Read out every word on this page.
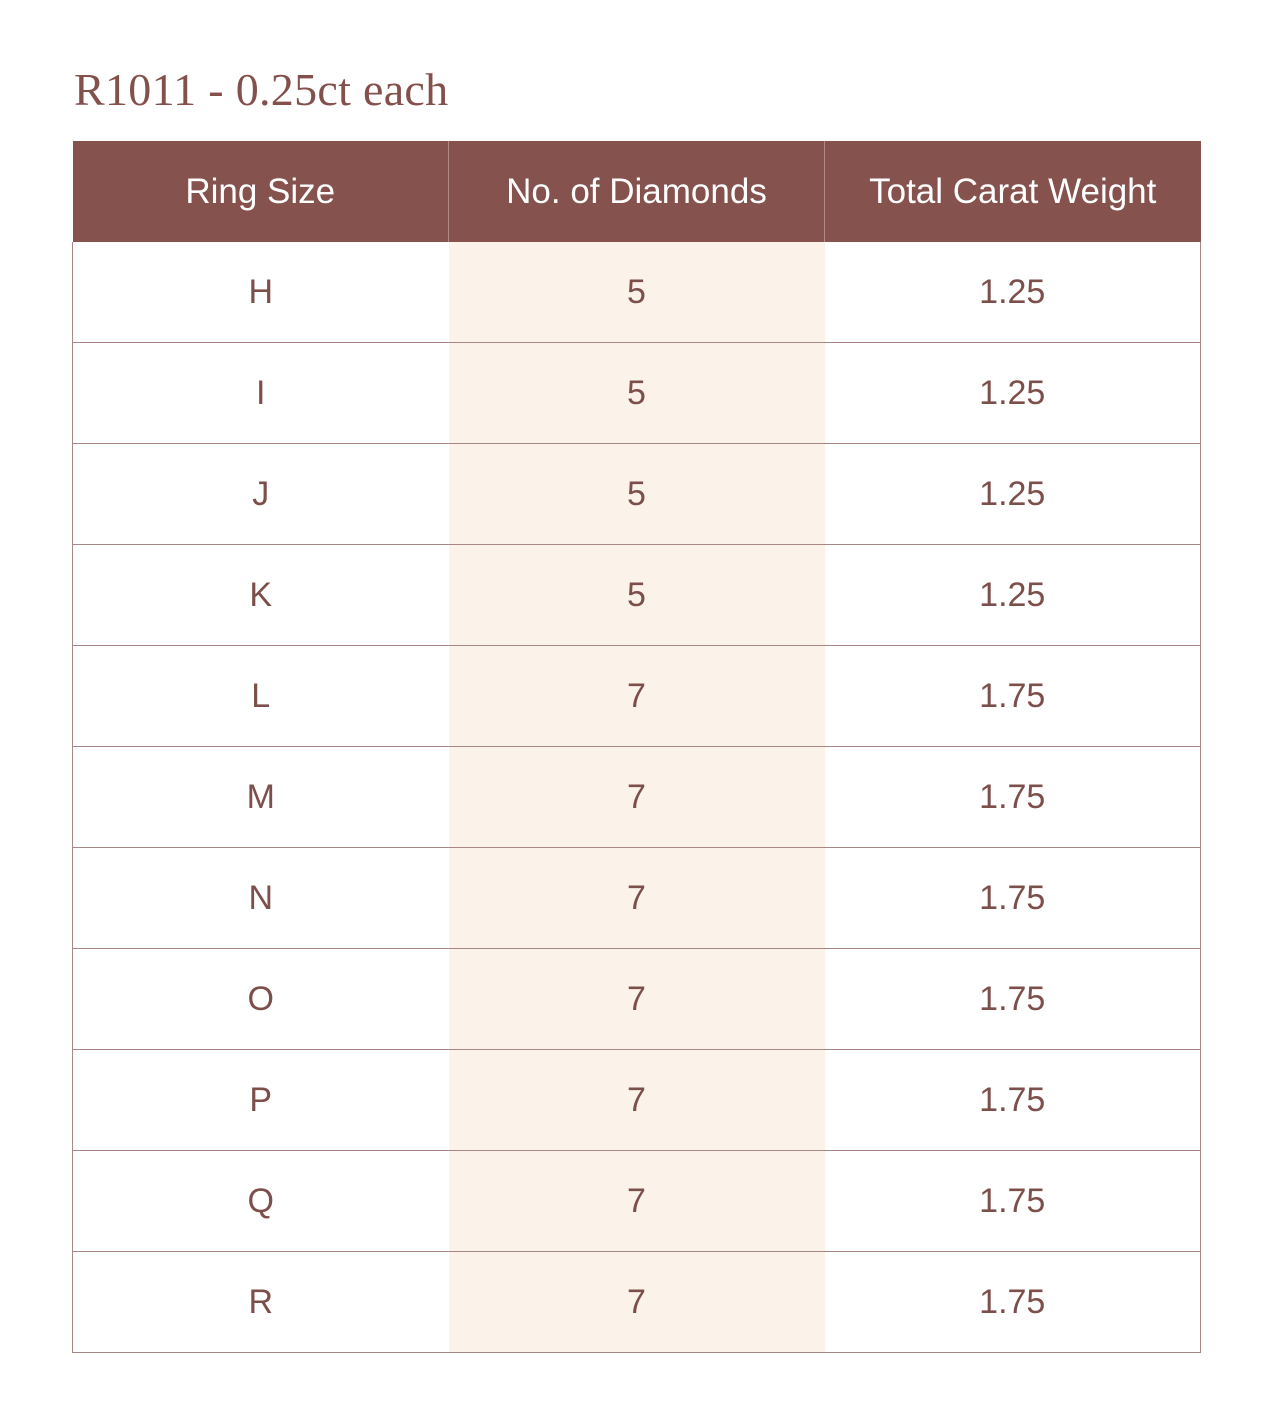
R1011 - 0.25ct each
Ring Size	No. of Diamonds	Total Carat Weight
H	5	1.25
I	5	1.25
J	5	1.25
K	5	1.25
L	7	1.75
M	7	1.75
N	7	1.75
O	7	1.75
P	7	1.75
Q	7	1.75
R	7	1.75
